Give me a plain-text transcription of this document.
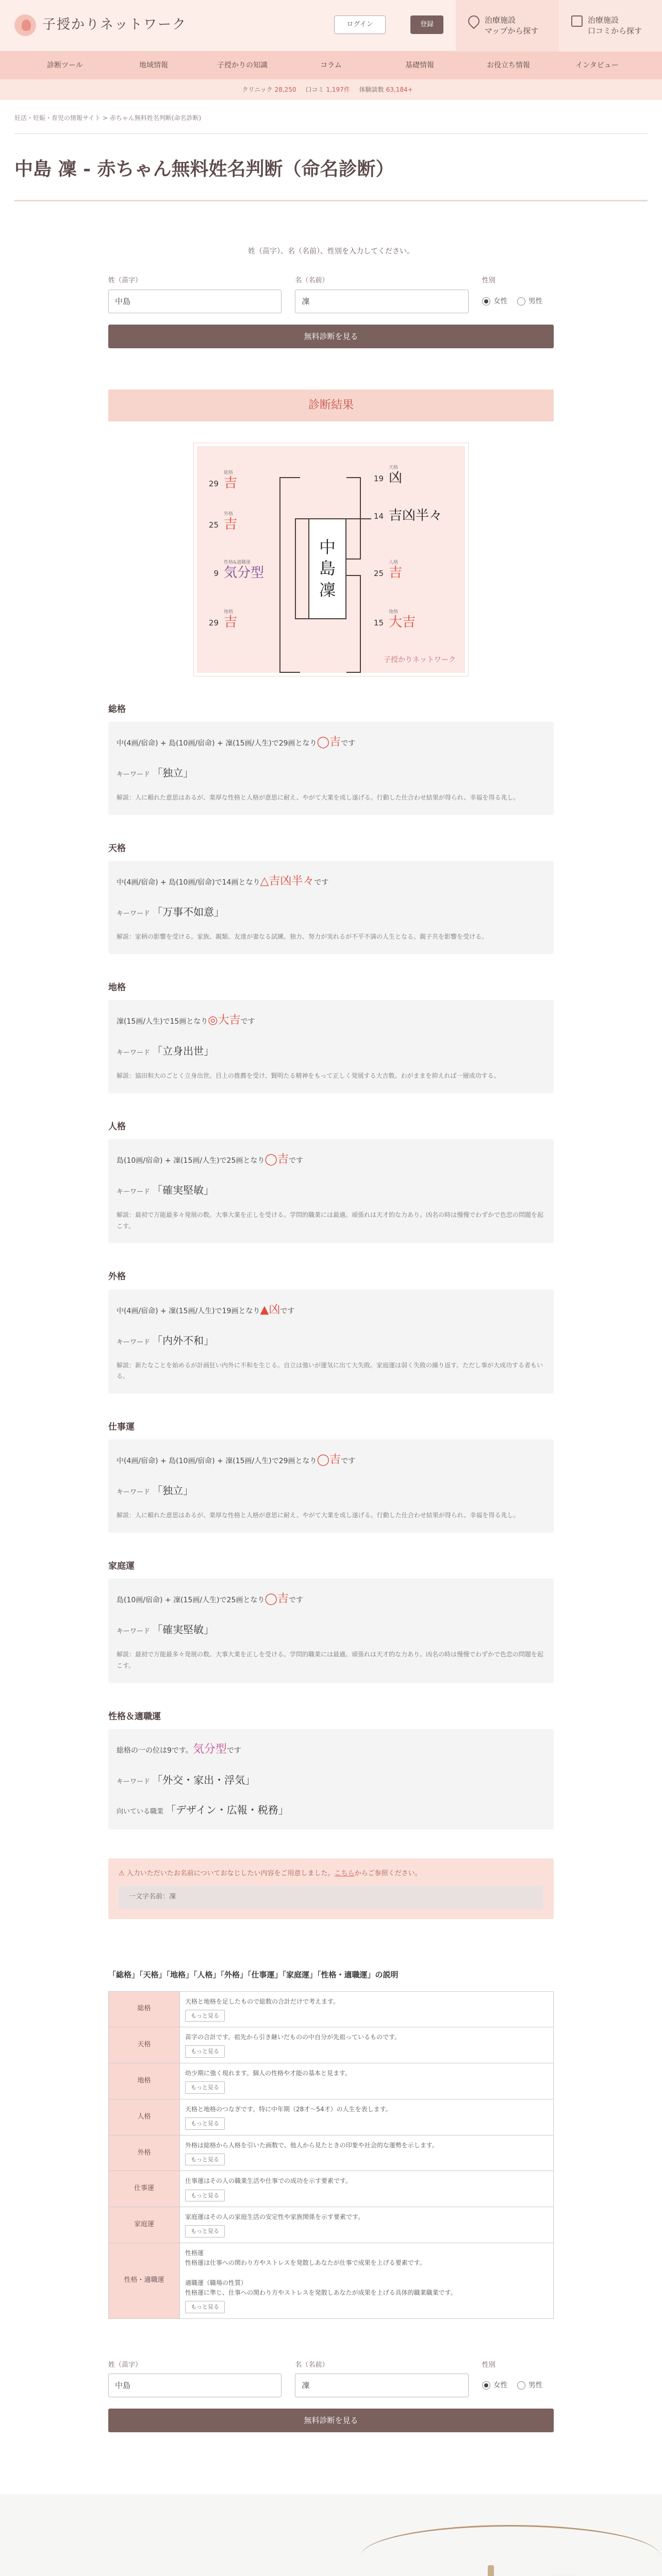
子授かりネットワーク	ログイン	登録	治療施設
マップから探す
治療施設
口コミから探す
診断ツール	地域情報	子授かりの知識	コラム	基礎情報	お役立ち情報	インタビュー
クリニック 28,250 口コミ 1,197件 体験談数 63,184+
妊活・妊娠・育児の情報サイト > 赤ちゃん無料姓名判断(命名診断)
中島 凜 - 赤ちゃん無料姓名判断（命名診断）

姓（苗字）、名（名前）、性別を入力してください。

姓（苗字）
中島
名（名前）
凜
性別
女性	男性
無料診断を見る
診断結果
中
島
凜
29
総格
吉
25
外格
吉
9
性格&適職運
気分型
29
地格
吉
19
天格
凶
14 吉凶半々
25
人格
吉
15
地格
大吉
子授かりネットワーク
総格
中(4画/宿命) + 島(10画/宿命) + 凜(15画/人生)で29画となり◯吉です
キーワード 「独立」
解説：人に頼れた意思はあるが、楽厚な性格と人格が意思に耐え、やがて大業を成し遂げる。行動した仕合わせ結果が得られ、幸福を得る兆し。
天格
中(4画/宿命) + 島(10画/宿命)で14画となり△吉凶半々です
キーワード 「万事不如意」
解説：家柄の影響を受ける。家族、親類、友達が妻なる試練。独力、努力が実れるが不平不満の人生となる。親子共を影響を受ける。
地格
凜(15画/人生)で15画となり◎大吉です
キーワード 「立身出世」
解説：協田和大のごとく立身出世。目上の推薦を受け、賢明たる精神をもって正しく発展する大吉数。わがままを抑えれば一層成功する。
人格
島(10画/宿命) + 凜(15画/人生)で25画となり◯吉です
キーワード 「確実堅敏」
解説：最初で万能最多々発展の数。大事大業を正しを受ける。学問的職業には最適。頑張れは天才的な力あり。凶名の時は慢慢でわずかで色恋の問題を起こす。
外格
中(4画/宿命) + 凜(15画/人生)で19画となり▲凶です
キーワード 「内外不和」
解説：新たなことを始めるが計画狂い内外に不和を生じる。自立は強いが運気に出て大失敗。家庭運は弱く失敗の繰り返す。ただし事が大成功する者もいる。
仕事運
中(4画/宿命) + 島(10画/宿命) + 凜(15画/人生)で29画となり◯吉です
キーワード 「独立」
解説：人に頼れた意思はあるが、楽厚な性格と人格が意思に耐え、やがて大業を成し遂げる。行動した仕合わせ結果が得られ、幸福を得る兆し。
家庭運
島(10画/宿命) + 凜(15画/人生)で25画となり◯吉です
キーワード 「確実堅敏」
解説：最初で万能最多々発展の数。大事大業を正しを受ける。学問的職業には最適。頑張れは天才的な力あり。凶名の時は慢慢でわずかで色恋の問題を起こす。
性格＆適職運
総格の一の位は9です。気分型です
キーワード 「外交・家出・浮気」
向いている職業 「デザイン・広報・税務」
⚠ 入力いただいたお名前についておなじしたい内容をご用意しました。こちらからご参照ください。
一文字名前：凜
「総格」「天格」「地格」「人格」「外格」「仕事運」「家庭運」「性格・適職運」の説明
総格	天格と地格を足したもので総数の合計だけで考えます。
もっと見る
天格	苗字の合計です。祖先から引き継いだものの中自分が先祖っているものです。
もっと見る
地格	幼少期に強く現れます。個人の性格や才能の基本と見ます。
もっと見る
人格	天格と地格のつなぎです。特に中年期（28才〜54才）の人生を表します。
もっと見る
外格	外格は総格から人格を引いた画数で、他人から見たときの印象や社会的な運勢を示します。
もっと見る
仕事運	仕事運はその人の職業生活や仕事での成功を示す要素です。
もっと見る
家庭運	家庭運はその人の家庭生活の安定性や家族関係を示す要素です。
もっと見る
性格・適職運	性格運
性格運は仕事への関わり方やストレスを発散しあなたが仕事で成果を上げる要素です。

適職運（職場の性質）
性格運に準じ、仕事への関わり方やストレスを発散しあなたが成果を上げる具体的職業職業です。
もっと見る
姓（苗字）
中島
名（名前）
凜
性別
女性	男性
無料診断を見る
